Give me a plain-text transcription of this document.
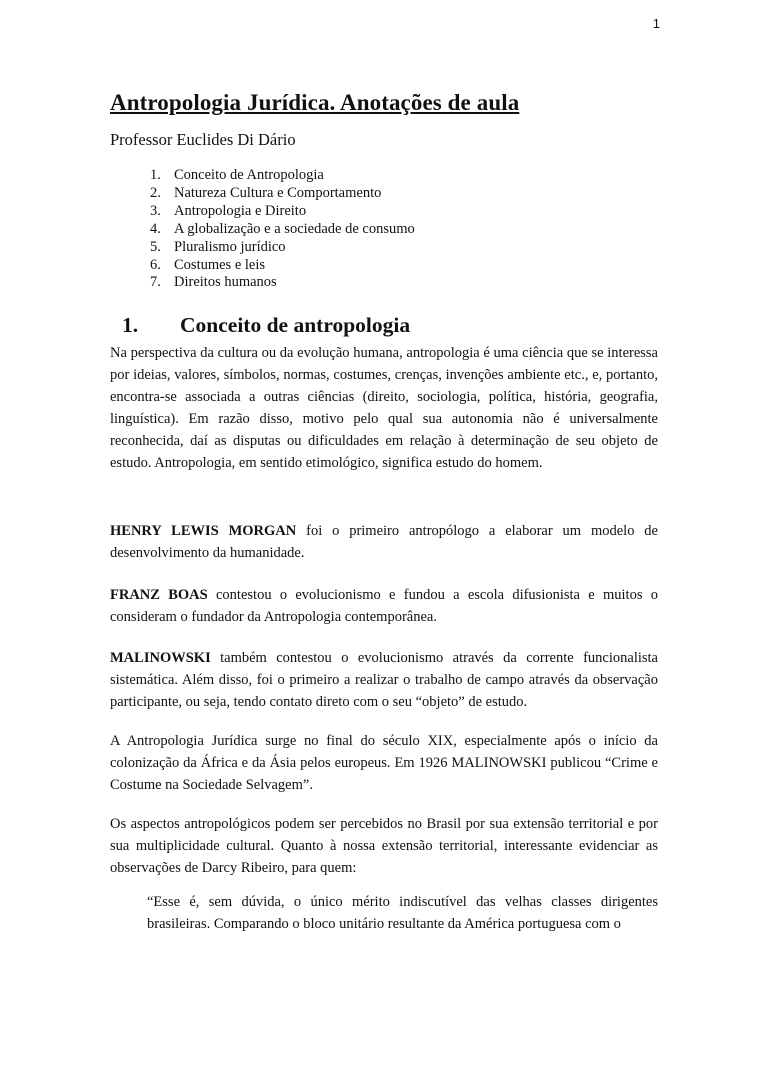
1
Antropologia Jurídica. Anotações de aula

Professor Euclides Di Dário

1. Conceito de Antropologia
2. Natureza Cultura e Comportamento
3. Antropologia e Direito
4. A globalização e a sociedade de consumo
5. Pluralismo jurídico
6. Costumes e leis
7. Direitos humanos
1.	Conceito de antropologia

Na perspectiva da cultura ou da evolução humana, antropologia é uma ciência que se interessa por ideias, valores, símbolos, normas, costumes, crenças, invenções ambiente etc., e, portanto, encontra-se associada a outras ciências (direito, sociologia, política, história, geografia, linguística). Em razão disso, motivo pelo qual sua autonomia não é universalmente reconhecida, daí as disputas ou dificuldades em relação à determinação de seu objeto de estudo. Antropologia, em sentido etimológico, significa estudo do homem.

HENRY LEWIS MORGAN foi o primeiro antropólogo a elaborar um modelo de desenvolvimento da humanidade.

FRANZ BOAS contestou o evolucionismo e fundou a escola difusionista e muitos o consideram o fundador da Antropologia contemporânea.

MALINOWSKI também contestou o evolucionismo através da corrente funcionalista sistemática. Além disso, foi o primeiro a realizar o trabalho de campo através da observação participante, ou seja, tendo contato direto com o seu “objeto” de estudo.

A Antropologia Jurídica surge no final do século XIX, especialmente após o início da colonização da África e da Ásia pelos europeus. Em 1926 MALINOWSKI publicou “Crime e Costume na Sociedade Selvagem”.

Os aspectos antropológicos podem ser percebidos no Brasil por sua extensão territorial e por sua multiplicidade cultural. Quanto à nossa extensão territorial, interessante evidenciar as observações de Darcy Ribeiro, para quem:

“Esse é, sem dúvida, o único mérito indiscutível das velhas classes dirigentes brasileiras. Comparando o bloco unitário resultante da América portuguesa com o
